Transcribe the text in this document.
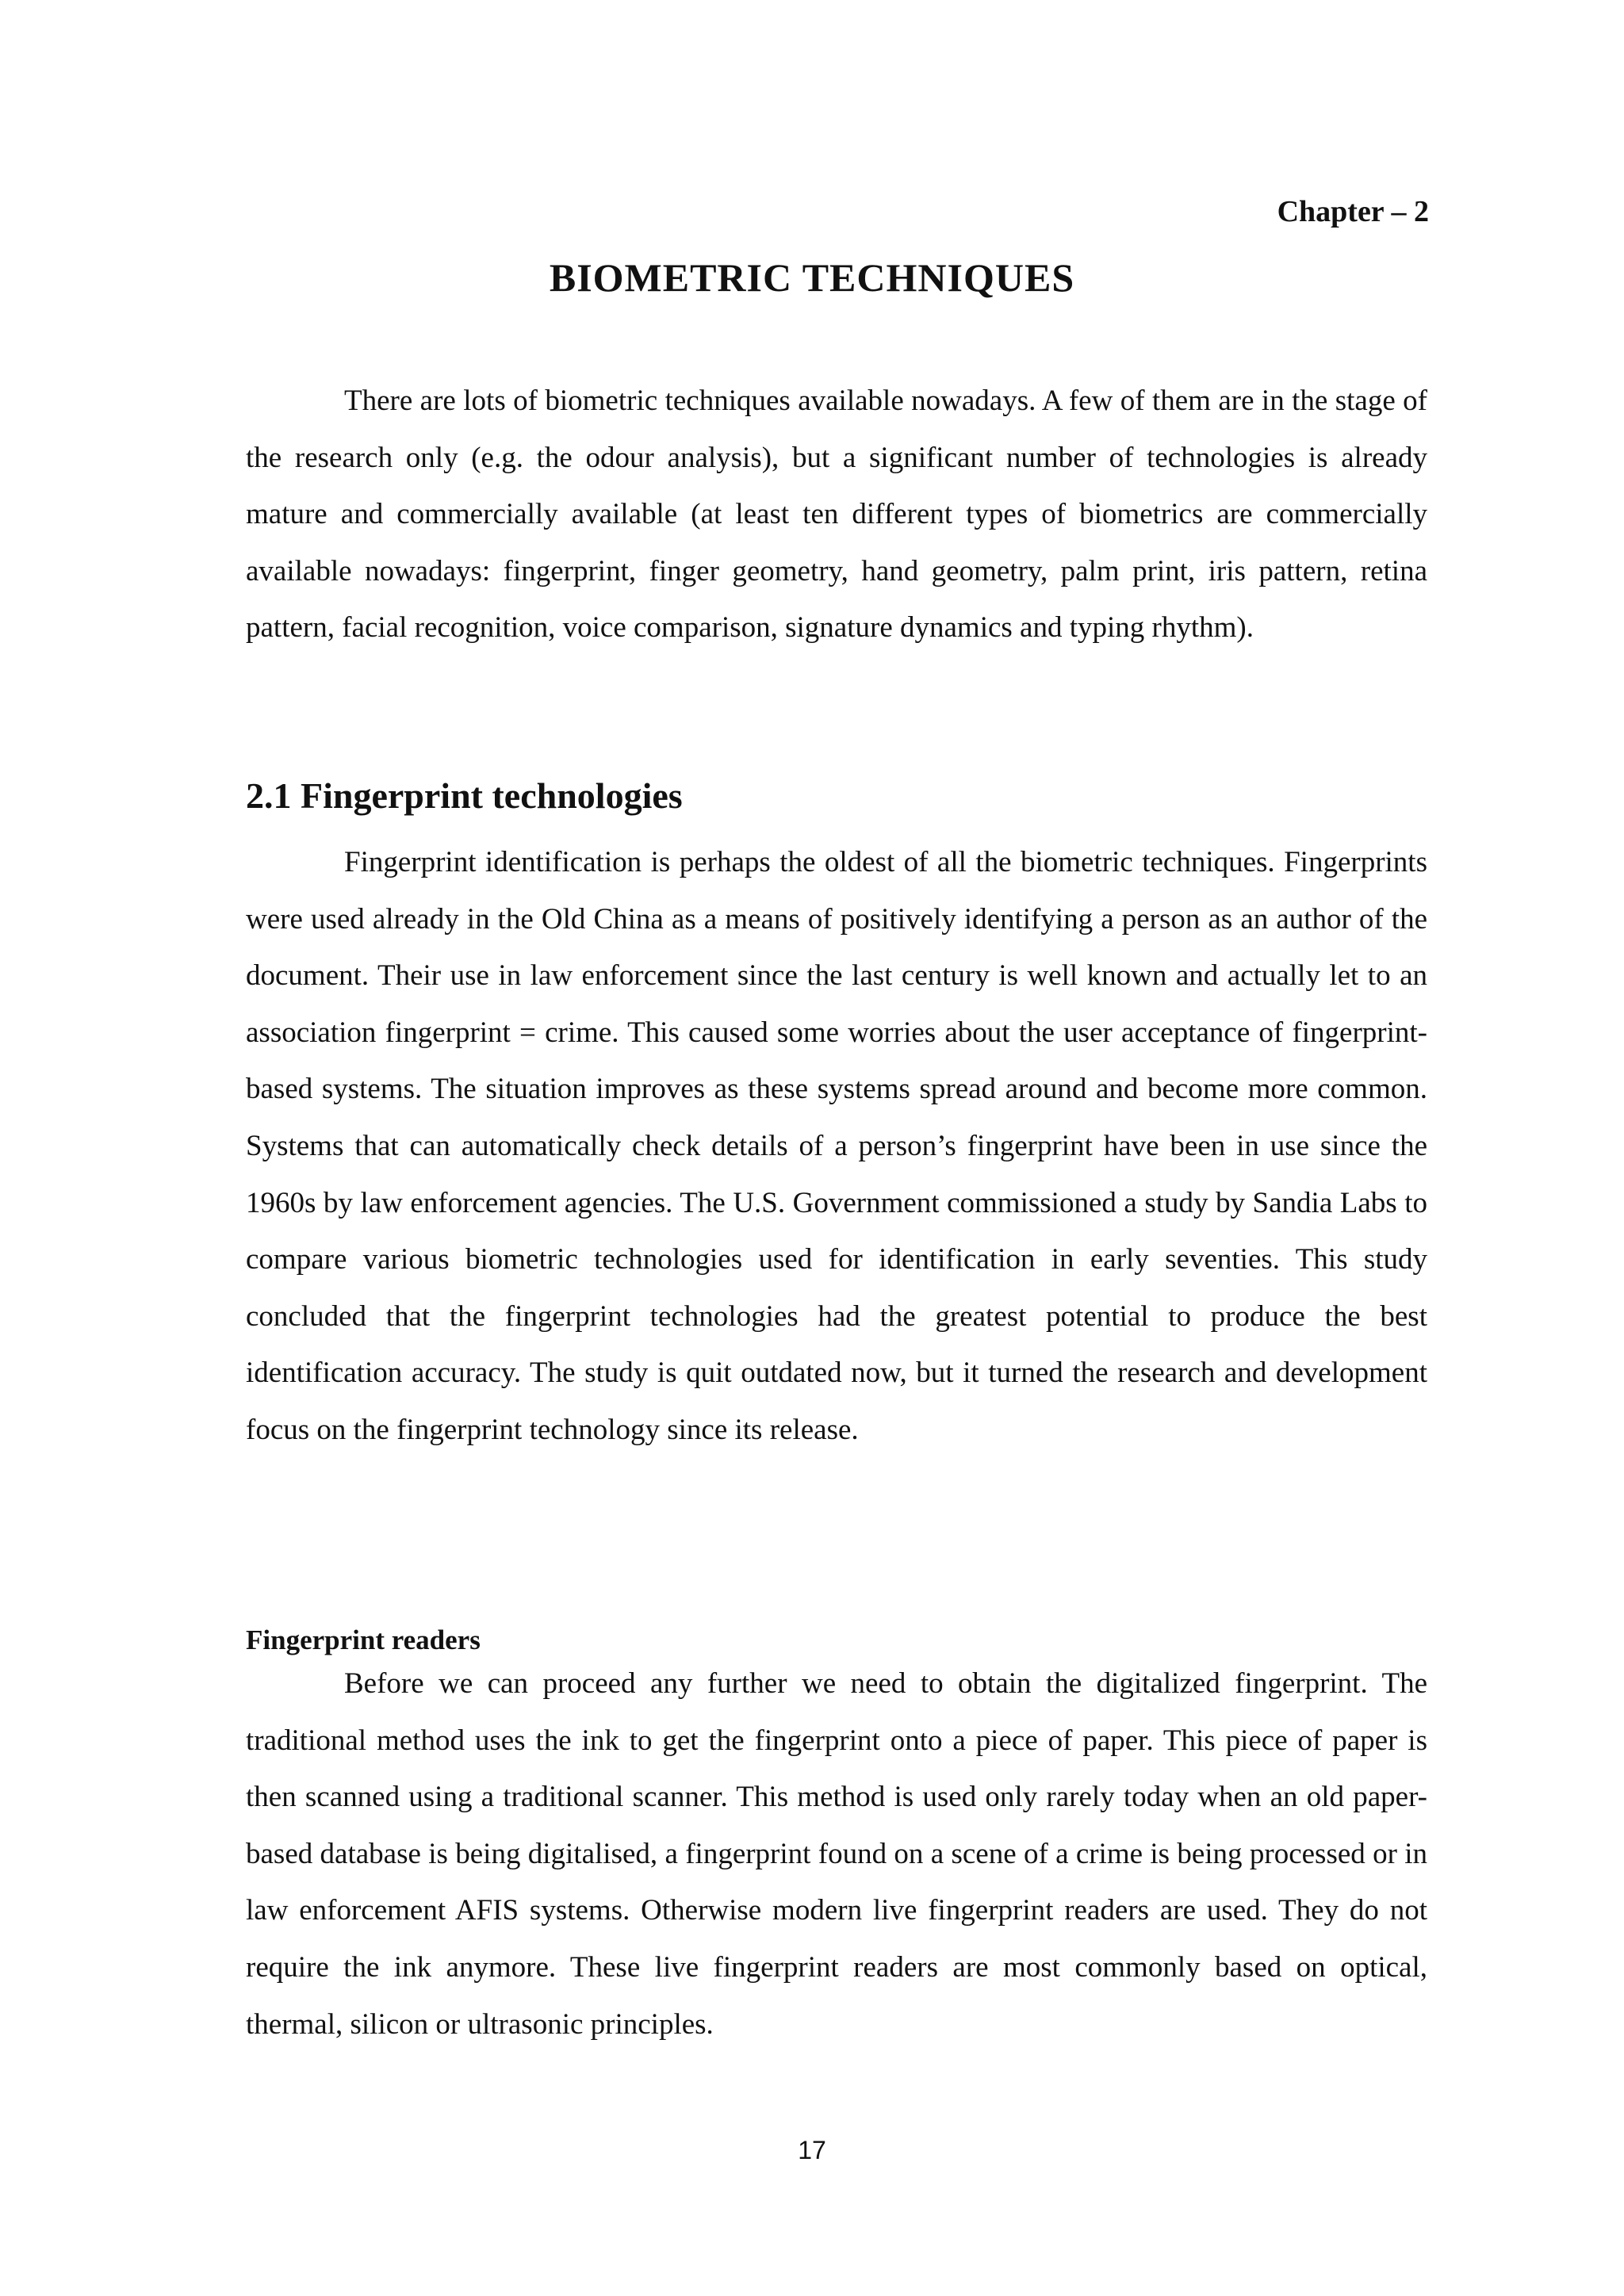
Chapter – 2
BIOMETRIC TECHNIQUES

There are lots of biometric techniques available nowadays. A few of them are in the stage of the research only (e.g. the odour analysis), but a significant number of technologies is already mature and commercially available (at least ten different types of biometrics are commercially available nowadays: fingerprint, finger geometry, hand geometry, palm print, iris pattern, retina pattern, facial recognition, voice comparison, signature dynamics and typing rhythm).

2.1 Fingerprint technologies

Fingerprint identification is perhaps the oldest of all the biometric techniques. Fingerprints were used already in the Old China as a means of positively identifying a person as an author of the document. Their use in law enforcement since the last century is well known and actually let to an association fingerprint = crime. This caused some worries about the user acceptance of fingerprint-based systems. The situation improves as these systems spread around and become more common. Systems that can automatically check details of a person’s fingerprint have been in use since the 1960s by law enforcement agencies. The U.S. Government commissioned a study by Sandia Labs to compare various biometric technologies used for identification in early seventies. This study concluded that the fingerprint technologies had the greatest potential to produce the best identification accuracy. The study is quit outdated now, but it turned the research and development focus on the fingerprint technology since its release.

Fingerprint readers

Before we can proceed any further we need to obtain the digitalized fingerprint. The traditional method uses the ink to get the fingerprint onto a piece of paper. This piece of paper is then scanned using a traditional scanner. This method is used only rarely today when an old paper-based database is being digitalised, a fingerprint found on a scene of a crime is being processed or in law enforcement AFIS systems. Otherwise modern live fingerprint readers are used. They do not require the ink anymore. These live fingerprint readers are most commonly based on optical, thermal, silicon or ultrasonic principles.

17
